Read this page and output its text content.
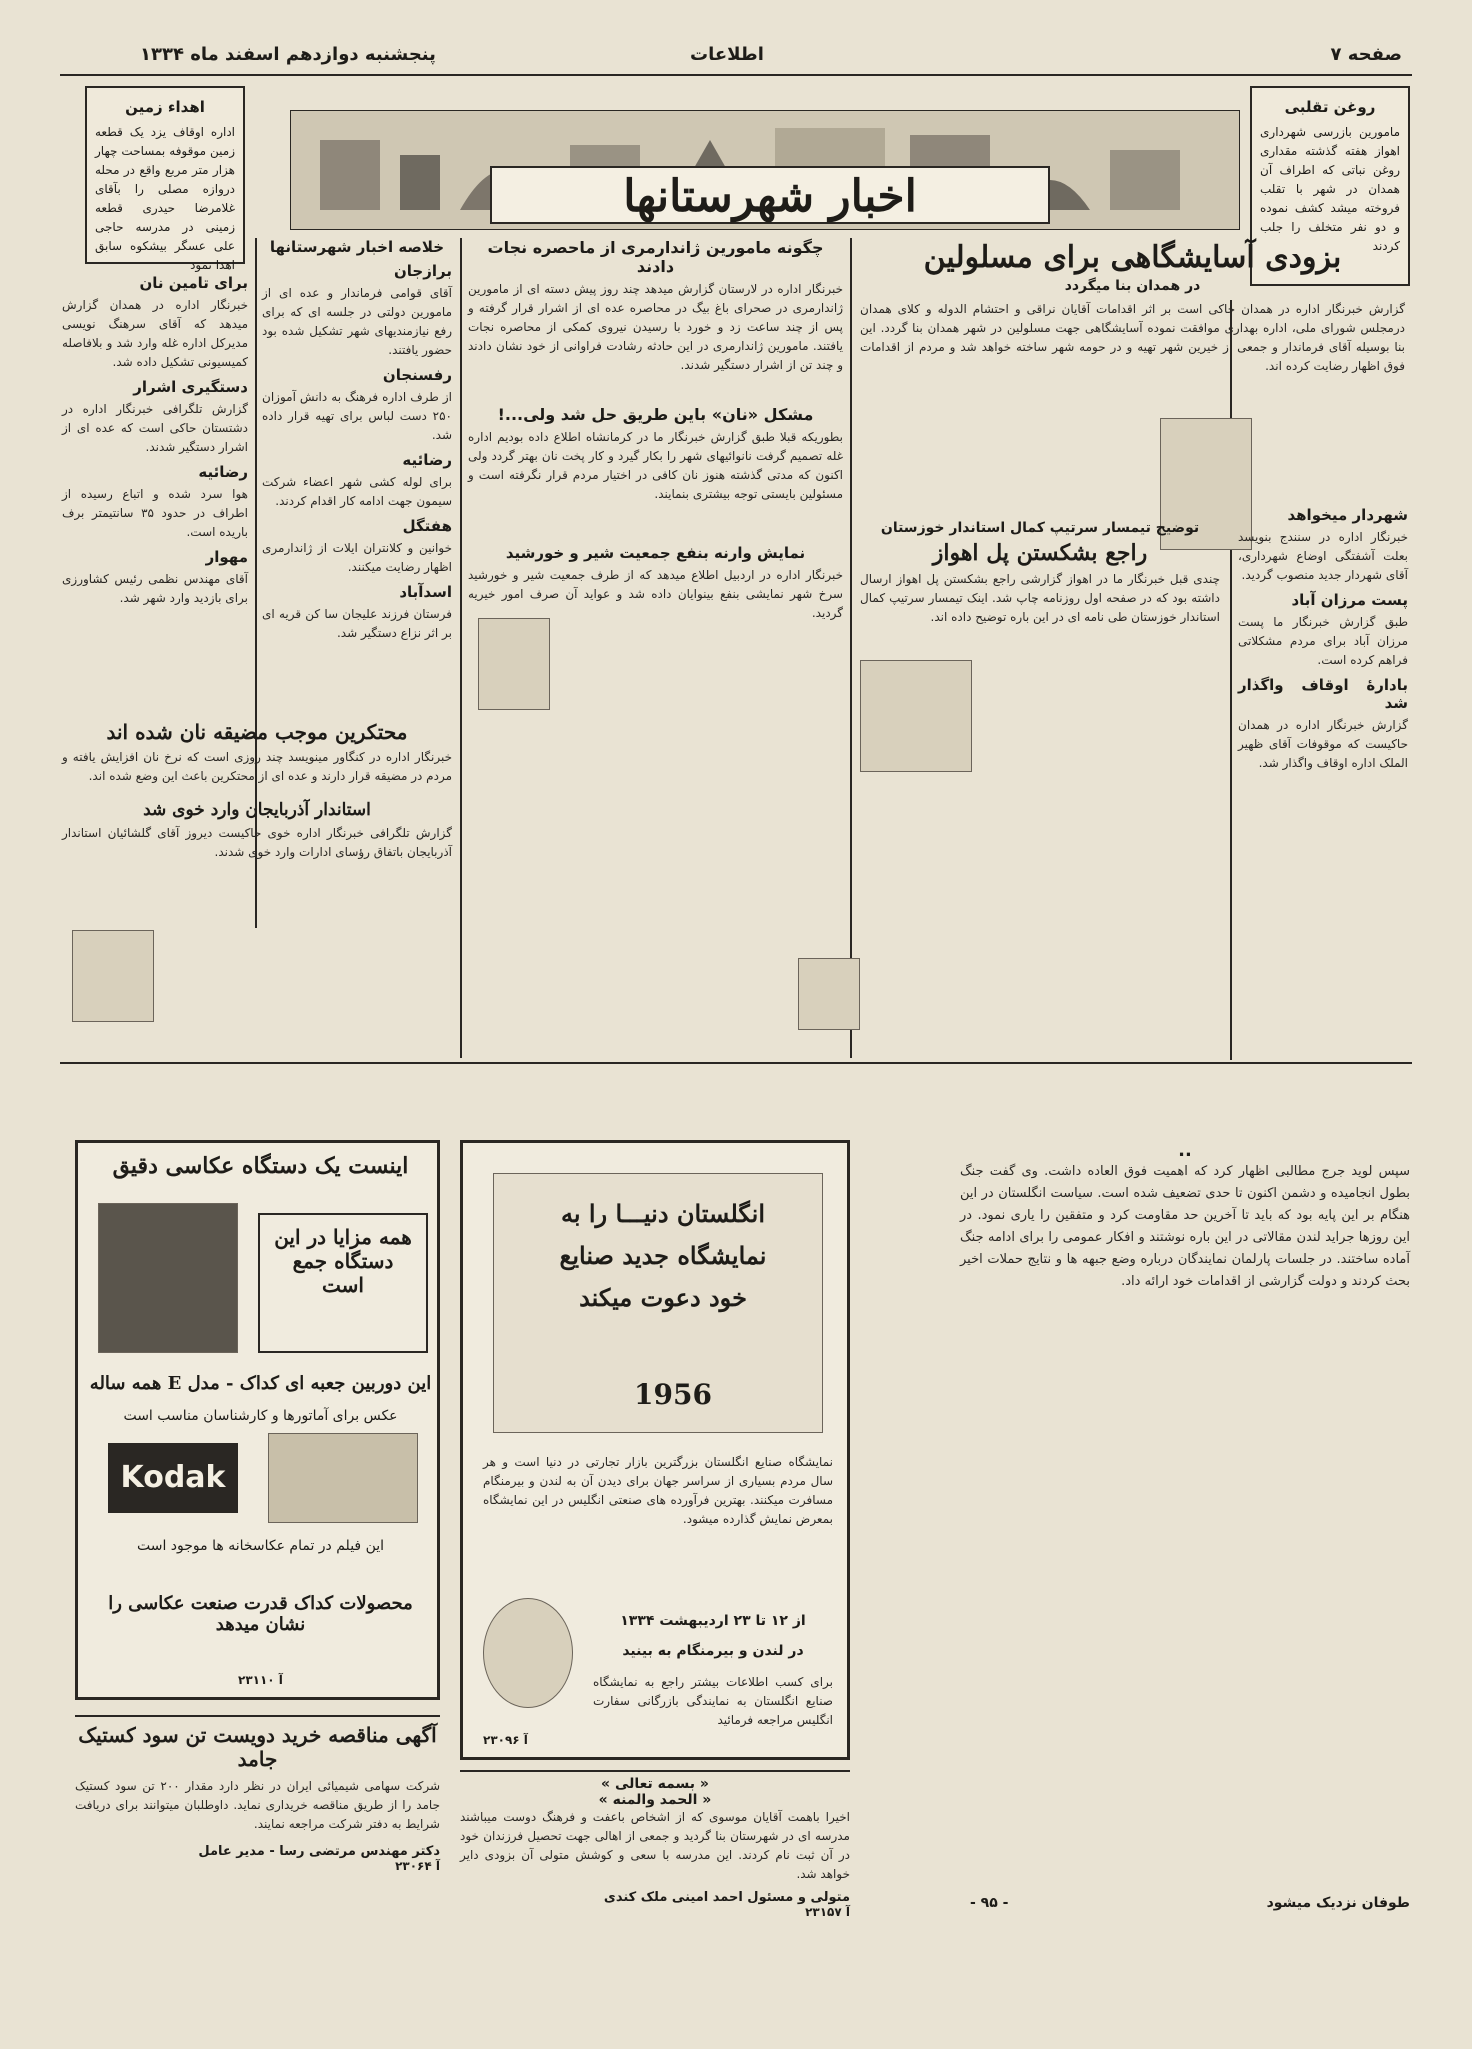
صفحه ۷
اطلاعات
پنجشنبه دوازدهم اسفند ماه ۱۳۳۴
روغن تقلبی
مامورین بازرسی شهرداری اهواز هفته گذشته مقداری روغن نباتی که اطراف آن همدان در شهر با تقلب فروخته میشد کشف نموده و دو نفر متخلف را جلب کردند
اهداء زمین
اداره اوقاف یزد یک قطعه زمین موقوفه بمساحت چهار هزار متر مربع واقع در محله دروازه مصلی را بآقای غلامرضا حیدری قطعه زمینی در مدرسه حاجی علی عسگر بیشکوه سابق اهدا نمود
اخبار شهرستانها
بزودی آسایشگاهی برای مسلولین
در همدان بنا میگردد
گزارش خبرنگار اداره در همدان حاکی است بر اثر اقدامات آقایان نراقی و احتشام الدوله و کلای همدان درمجلس شورای ملی، اداره بهداری موافقت نموده آسایشگاهی جهت مسلولین در شهر همدان بنا گردد. این بنا بوسیله آقای فرماندار و جمعی از خیرین شهر تهیه و در حومه شهر ساخته خواهد شد و مردم از اقدامات فوق اظهار رضایت کرده اند.
توضیح تیمسار سرتیپ کمال استاندار خوزستان
راجع بشکستن پل اهواز
چندی قبل خبرنگار ما در اهواز گزارشی راجع بشکستن پل اهواز ارسال داشته بود که در صفحه اول روزنامه چاپ شد. اینک تیمسار سرتیپ کمال استاندار خوزستان طی نامه ای در این باره توضیح داده اند.
شهردار میخواهد
خبرنگار اداره در سنندج بنویسد بعلت آشفتگی اوضاع شهرداری، آقای شهردار جدید منصوب گردید.
پست مرزان آباد
طبق گزارش خبرنگار ما پست مرزان آباد برای مردم مشکلاتی فراهم کرده است.
بادارۀ اوقاف واگذار شد
گزارش خبرنگار اداره در همدان حاکیست که موقوفات آقای ظهیر الملک اداره اوقاف واگذار شد.
چگونه مامورین ژاندارمری از ماحصره نجات دادند
خبرنگار اداره در لارستان گزارش میدهد چند روز پیش دسته ای از مامورین ژاندارمری در صحرای باغ بیگ در محاصره عده ای از اشرار قرار گرفته و پس از چند ساعت زد و خورد با رسیدن نیروی کمکی از محاصره نجات یافتند. مامورین ژاندارمری در این حادثه رشادت فراوانی از خود نشان دادند و چند تن از اشرار دستگیر شدند.
مشکل «نان» باین طریق حل شد ولی...!
بطوریکه قبلا طبق گزارش خبرنگار ما در کرمانشاه اطلاع داده بودیم اداره غله تصمیم گرفت نانوائیهای شهر را بکار گیرد و کار پخت نان بهتر گردد ولی اکنون که مدتی گذشته هنوز نان کافی در اختیار مردم قرار نگرفته است و مسئولین بایستی توجه بیشتری بنمایند.
نمایش وارنه بنفع جمعیت شیر و خورشید
خبرنگار اداره در اردبیل اطلاع میدهد که از طرف جمعیت شیر و خورشید سرخ شهر نمایشی بنفع بینوایان داده شد و عواید آن صرف امور خیریه گردید.
خلاصه اخبار شهرستانها
برازجان
آقای قوامی فرماندار و عده ای از مامورین دولتی در جلسه ای که برای رفع نیازمندیهای شهر تشکیل شده بود حضور یافتند.
رفسنجان
از طرف اداره فرهنگ به دانش آموزان ۲۵۰ دست لباس برای تهیه قرار داده شد.
رضائیه
برای لوله کشی شهر اعضاء شرکت سیمون جهت ادامه کار اقدام کردند.
هفتگل
خوانین و کلانتران ایلات از ژاندارمری اظهار رضایت میکنند.
اسدآباد
فرستان فرزند علیجان سا کن قریه ای بر اثر نزاع دستگیر شد.
برای تامین نان
خبرنگار اداره در همدان گزارش میدهد که آقای سرهنگ نویسی مدیرکل اداره غله وارد شد و بلافاصله کمیسیونی تشکیل داده شد.
دستگیری اشرار
گزارش تلگرافی خبرنگار اداره در دشتستان حاکی است که عده ای از اشرار دستگیر شدند.
رضائیه
هوا سرد شده و اتباع رسیده از اطراف در حدود ۳۵ سانتیمتر برف باریده است.
مهوار
آقای مهندس نظمی رئیس کشاورزی برای بازدید وارد شهر شد.
محتکرین موجب مضیقه نان شده اند
خبرنگار اداره در کنگاور مینویسد چند روزی است که نرخ نان افزایش یافته و مردم در مضیقه قرار دارند و عده ای از محتکرین باعث این وضع شده اند.
استاندار آذربایجان وارد خوی شد
گزارش تلگرافی خبرنگار اداره خوی حاکیست دیروز آقای گلشائیان استاندار آذربایجان باتفاق رؤسای ادارات وارد خوی شدند.
..
سپس لوید جرج مطالبی اظهار کرد که اهمیت فوق العاده داشت. وی گفت جنگ بطول انجامیده و دشمن اکنون تا حدی تضعیف شده است. سیاست انگلستان در این هنگام بر این پایه بود که باید تا آخرین حد مقاومت کرد و متفقین را یاری نمود. در این روزها جراید لندن مقالاتی در این باره نوشتند و افکار عمومی را برای ادامه جنگ آماده ساختند. در جلسات پارلمان نمایندگان درباره وضع جبهه ها و نتایج حملات اخیر بحث کردند و دولت گزارشی از اقدامات خود ارائه داد.
طوفان نزدیک میشود
- ۹۵ -
انگلستان دنیـــا را به
نمایشگاه جدید صنایع
خود دعوت میکند
1956
نمایشگاه صنایع انگلستان بزرگترین بازار تجارتی در دنیا است و هر سال مردم بسیاری از سراسر جهان برای دیدن آن به لندن و بیرمنگام مسافرت میکنند. بهترین فرآورده های صنعتی انگلیس در این نمایشگاه بمعرض نمایش گذارده میشود.
از ۱۲ تا ۲۳ اردیبهشت ۱۳۳۴
در لندن و بیرمنگام به بینید
برای کسب اطلاعات بیشتر راجع به نمایشگاه صنایع انگلستان به نمایندگی بازرگانی سفارت انگلیس مراجعه فرمائید
آ ۲۳۰۹۶
اینست یک دستگاه عکاسی دقیق
همه مزایا در این دستگاه جمع است
این دوربین جعبه ای کداک - مدل E همه ساله
عکس برای آماتورها و کارشناسان مناسب است
Kodak
این فیلم در تمام عکاسخانه ها موجود است
محصولات کداک قدرت صنعت عکاسی را نشان میدهد
آ ۲۳۱۱۰
آگهی مناقصه خرید دویست تن سود کستیک جامد
شرکت سهامی شیمیائی ایران در نظر دارد مقدار ۲۰۰ تن سود کستیک جامد را از طریق مناقصه خریداری نماید. داوطلبان میتوانند برای دریافت شرایط به دفتر شرکت مراجعه نمایند.
دکتر مهندس مرتضی رسا - مدیر عامل
آ ۲۳۰۶۴
« بسمه تعالی »
« الحمد والمنه »
اخیرا باهمت آقایان موسوی که از اشخاص باعفت و فرهنگ دوست میباشند مدرسه ای در شهرستان بنا گردید و جمعی از اهالی جهت تحصیل فرزندان خود در آن ثبت نام کردند. این مدرسه با سعی و کوشش متولی آن بزودی دایر خواهد شد.
متولی و مسئول احمد امینی ملک کندی
آ ۲۳۱۵۷
